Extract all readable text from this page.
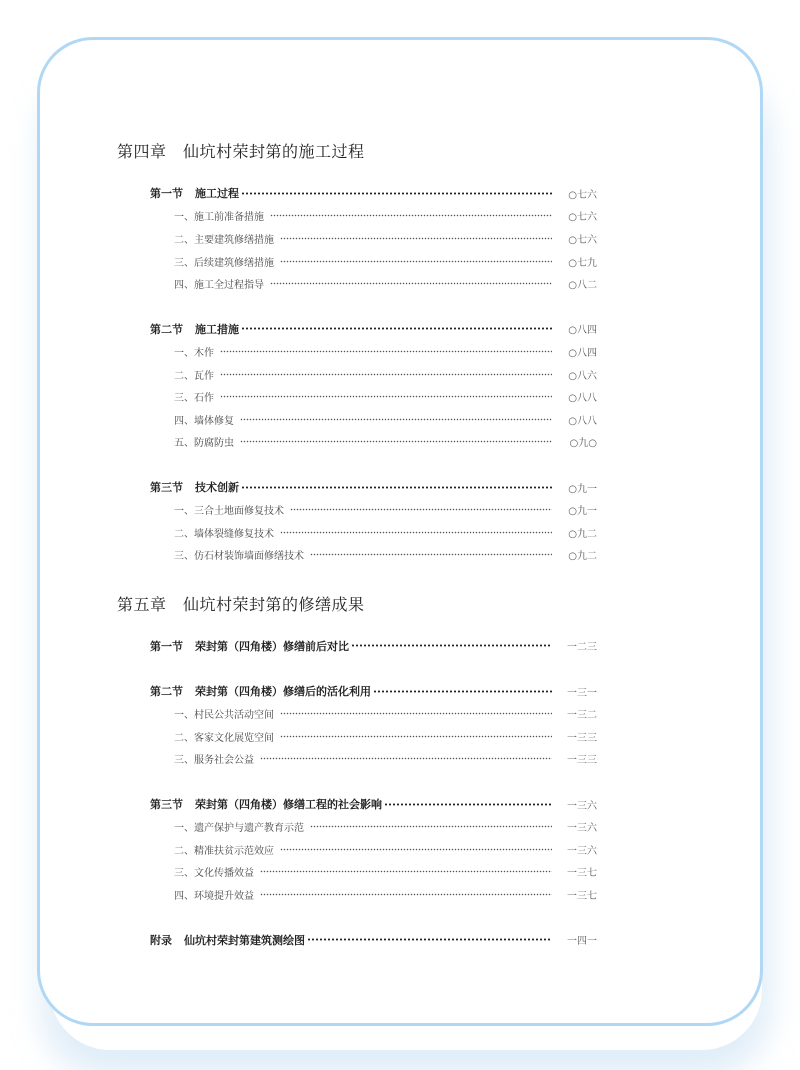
第四章　仙坑村荣封第的施工过程
第一节 施工过程	○七六
一、施工前准备措施	○七六
二、主要建筑修缮措施	○七六
三、后续建筑修缮措施	○七九
四、施工全过程指导	○八二
第二节 施工措施	○八四
一、木作	○八四
二、瓦作	○八六
三、石作	○八八
四、墙体修复	○八八
五、防腐防虫	○九○
第三节 技术创新	○九一
一、三合土地面修复技术	○九一
二、墙体裂缝修复技术	○九二
三、仿石材装饰墙面修缮技术	○九二
第五章　仙坑村荣封第的修缮成果
第一节 荣封第（四角楼）修缮前后对比	一二三
第二节 荣封第（四角楼）修缮后的活化利用	一三一
一、村民公共活动空间	一三二
二、客家文化展览空间	一三三
三、服务社会公益	一三三
第三节 荣封第（四角楼）修缮工程的社会影响	一三六
一、遗产保护与遗产教育示范	一三六
二、精准扶贫示范效应	一三六
三、文化传播效益	一三七
四、环境提升效益	一三七
附录 仙坑村荣封第建筑测绘图	一四一
